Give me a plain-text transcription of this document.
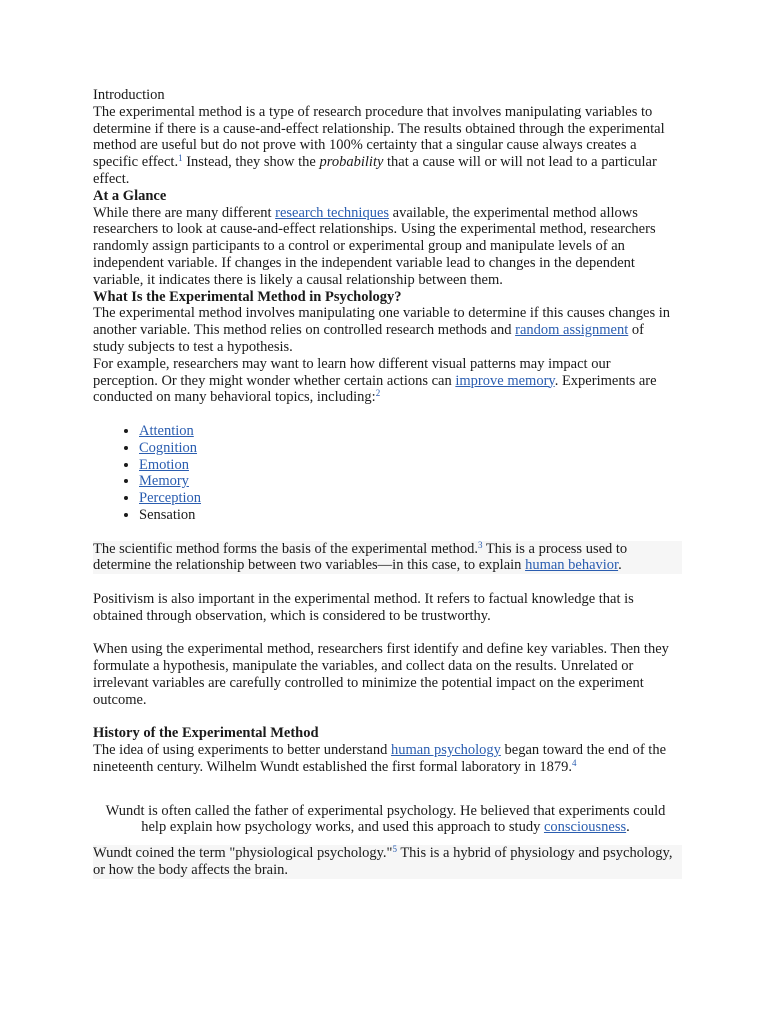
Introduction

The experimental method is a type of research procedure that involves manipulating variables to determine if there is a cause-and-effect relationship. The results obtained through the experimental method are useful but do not prove with 100% certainty that a singular cause always creates a specific effect.$^1$ Instead, they show the probability that a cause will or will not lead to a particular effect.

At a Glance

While there are many different research techniques available, the experimental method allows researchers to look at cause-and-effect relationships. Using the experimental method, researchers randomly assign participants to a control or experimental group and manipulate levels of an independent variable. If changes in the independent variable lead to changes in the dependent variable, it indicates there is likely a causal relationship between them.

What Is the Experimental Method in Psychology?

The experimental method involves manipulating one variable to determine if this causes changes in another variable. This method relies on controlled research methods and random assignment of study subjects to test a hypothesis.

For example, researchers may want to learn how different visual patterns may impact our perception. Or they might wonder whether certain actions can improve memory. Experiments are conducted on many behavioral topics, including:$^2$

• Attention
• Cognition
• Emotion
• Memory
• Perception
• Sensation

The scientific method forms the basis of the experimental method.$^3$ This is a process used to determine the relationship between two variables—in this case, to explain human behavior.

Positivism is also important in the experimental method. It refers to factual knowledge that is obtained through observation, which is considered to be trustworthy.

When using the experimental method, researchers first identify and define key variables. Then they formulate a hypothesis, manipulate the variables, and collect data on the results. Unrelated or irrelevant variables are carefully controlled to minimize the potential impact on the experiment outcome.

History of the Experimental Method

The idea of using experiments to better understand human psychology began toward the end of the nineteenth century. Wilhelm Wundt established the first formal laboratory in 1879.$^4$

Wundt is often called the father of experimental psychology. He believed that experiments could help explain how psychology works, and used this approach to study consciousness.

Wundt coined the term "physiological psychology."$^5$ This is a hybrid of physiology and psychology, or how the body affects the brain.
